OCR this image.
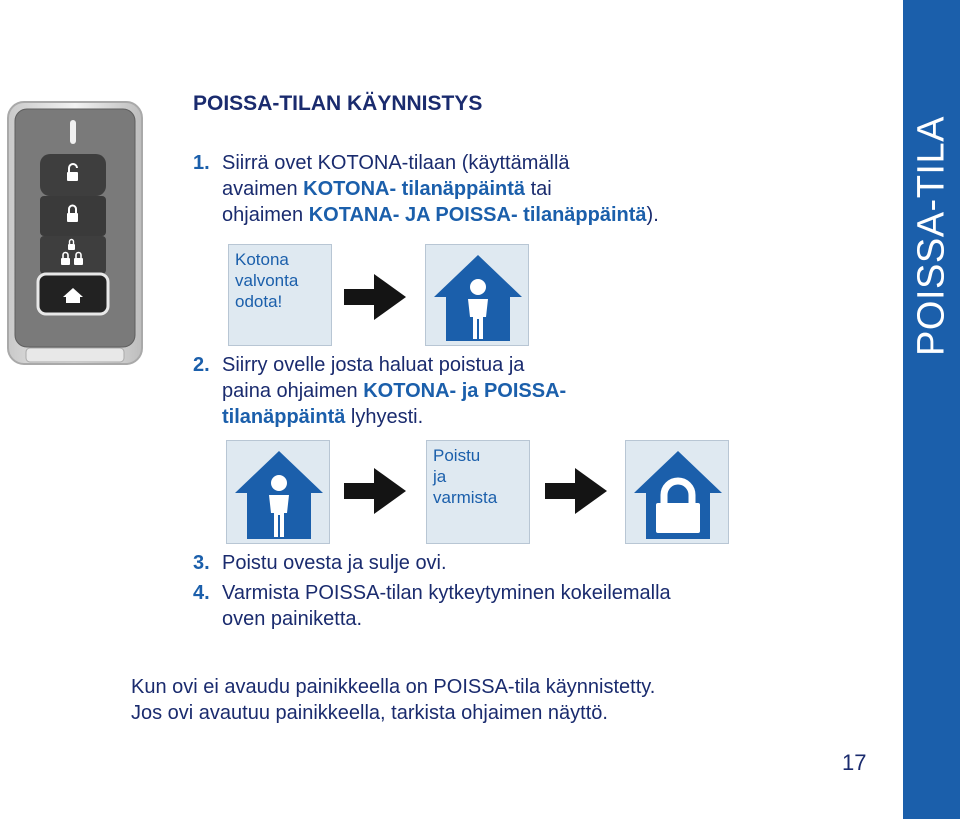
POISSA-TILA
POISSA-TILAN KÄYNNISTYS
1. Siirrä ovet KOTONA-tilaan (käyttämällä
avaimen KOTONA- tilanäppäintä tai
ohjaimen KOTANA- JA POISSA- tilanäppäintä).
Kotona
valvonta
odota!
2. Siirry ovelle josta haluat poistua ja
paina ohjaimen KOTONA- ja POISSA-
tilanäppäintä lyhyesti.
Poistu
ja
varmista
3. Poistu ovesta ja sulje ovi.
4. Varmista POISSA-tilan kytkeytyminen kokeilemalla
oven painiketta.
Kun ovi ei avaudu painikkeella on POISSA-tila käynnistetty.
Jos ovi avautuu painikkeella, tarkista ohjaimen näyttö.
17
